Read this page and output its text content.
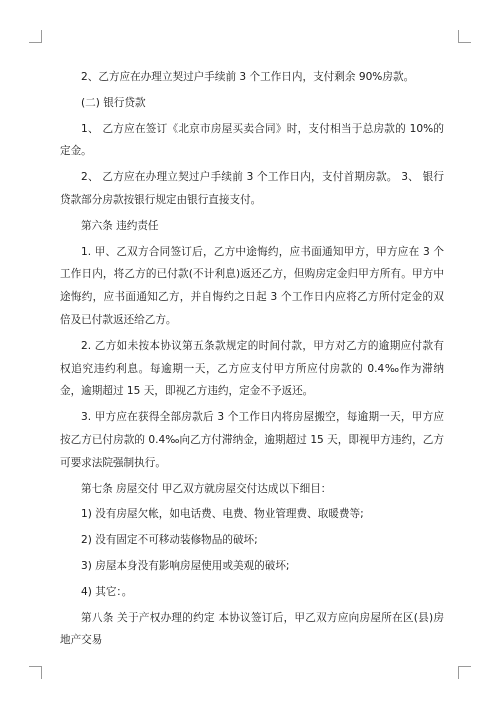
2、乙方应在办理立契过户手续前 3 个工作日内，支付剩余 90%房款。

(二) 银行贷款

1、 乙方应在签订《北京市房屋买卖合同》时，支付相当于总房款的 10%的定金。

2、 乙方应在办理立契过户手续前 3 个工作日内，支付首期房款。 3、 银行贷款部分房款按银行规定由银行直接支付。

第六条 违约责任

1. 甲、乙双方合同签订后，乙方中途悔约，应书面通知甲方，甲方应在 3 个工作日内，将乙方的已付款(不计利息)返还乙方，但购房定金归甲方所有。甲方中途悔约，应书面通知乙方，并自悔约之日起 3 个工作日内应将乙方所付定金的双倍及已付款返还给乙方。

2. 乙方如未按本协议第五条款规定的时间付款，甲方对乙方的逾期应付款有权追究违约利息。每逾期一天，乙方应支付甲方所应付房款的 0.4‰作为滞纳金，逾期超过 15 天，即视乙方违约，定金不予返还。

3. 甲方应在获得全部房款后 3 个工作日内将房屋搬空，每逾期一天，甲方应按乙方已付房款的 0.4‰向乙方付滞纳金，逾期超过 15 天，即视甲方违约，乙方可要求法院强制执行。

第七条 房屋交付 甲乙双方就房屋交付达成以下细目：

1) 没有房屋欠帐，如电话费、电费、物业管理费、取暖费等;

2) 没有固定不可移动装修物品的破坏;

3) 房屋本身没有影响房屋使用或美观的破坏;

4) 其它：。

第八条 关于产权办理的约定 本协议签订后，甲乙双方应向房屋所在区(县)房地产交易
